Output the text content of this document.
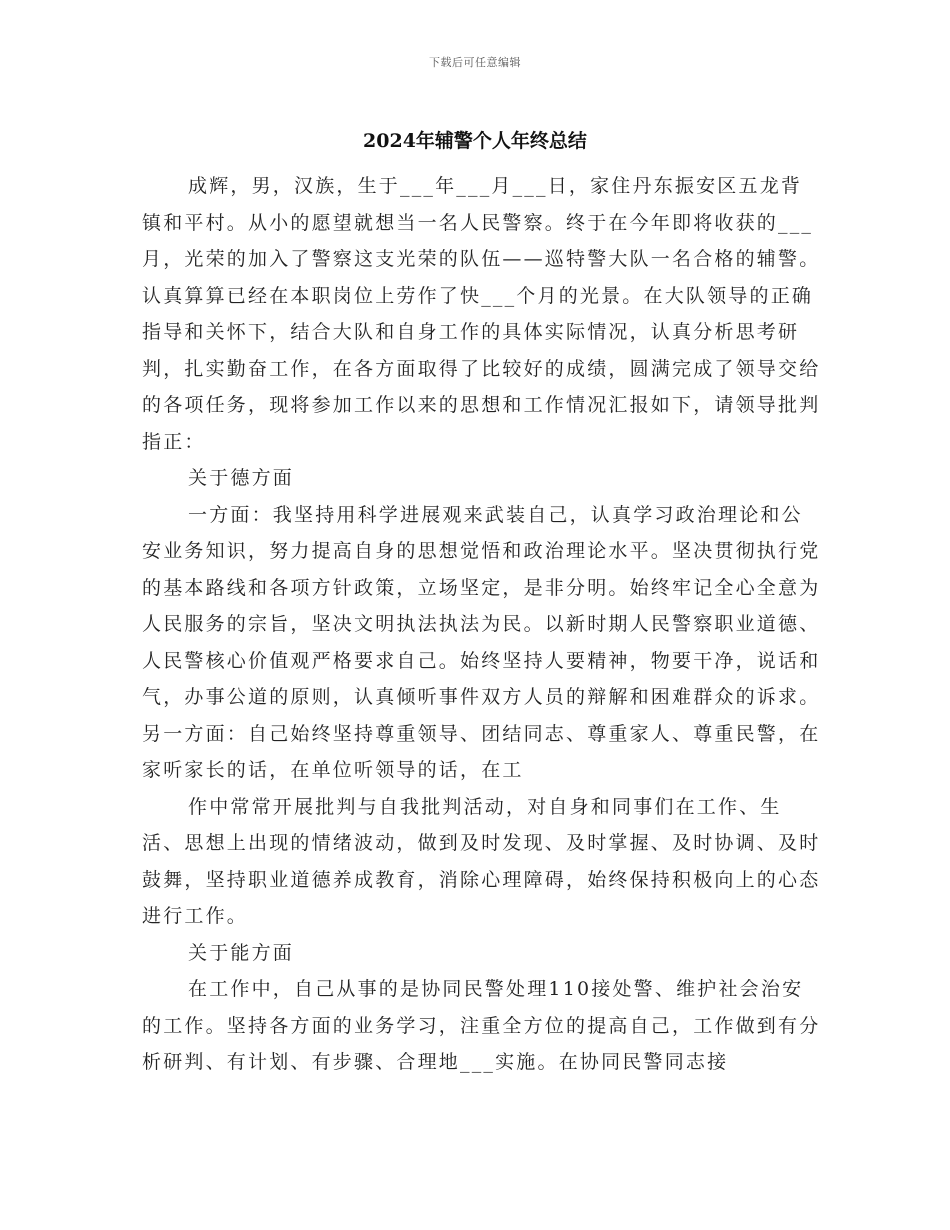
下载后可任意编辑
2024年辅警个人年终总结

成辉，男，汉族，生于___年___月___日，家住丹东振安区五龙背镇和平村。从小的愿望就想当一名人民警察。终于在今年即将收获的___月，光荣的加入了警察这支光荣的队伍——巡特警大队一名合格的辅警。认真算算已经在本职岗位上劳作了快___个月的光景。在大队领导的正确指导和关怀下，结合大队和自身工作的具体实际情况，认真分析思考研判，扎实勤奋工作，在各方面取得了比较好的成绩，圆满完成了领导交给的各项任务，现将参加工作以来的思想和工作情况汇报如下，请领导批判指正：

关于德方面

一方面：我坚持用科学进展观来武装自己，认真学习政治理论和公安业务知识，努力提高自身的思想觉悟和政治理论水平。坚决贯彻执行党的基本路线和各项方针政策，立场坚定，是非分明。始终牢记全心全意为人民服务的宗旨，坚决文明执法执法为民。以新时期人民警察职业道德、人民警核心价值观严格要求自己。始终坚持人要精神，物要干净，说话和气，办事公道的原则，认真倾听事件双方人员的辩解和困难群众的诉求。另一方面：自己始终坚持尊重领导、团结同志、尊重家人、尊重民警，在家听家长的话，在单位听领导的话，在工

作中常常开展批判与自我批判活动，对自身和同事们在工作、生活、思想上出现的情绪波动，做到及时发现、及时掌握、及时协调、及时鼓舞，坚持职业道德养成教育，消除心理障碍，始终保持积极向上的心态进行工作。

关于能方面

在工作中，自己从事的是协同民警处理110接处警、维护社会治安的工作。坚持各方面的业务学习，注重全方位的提高自己，工作做到有分析研判、有计划、有步骤、合理地___实施。在协同民警同志接
